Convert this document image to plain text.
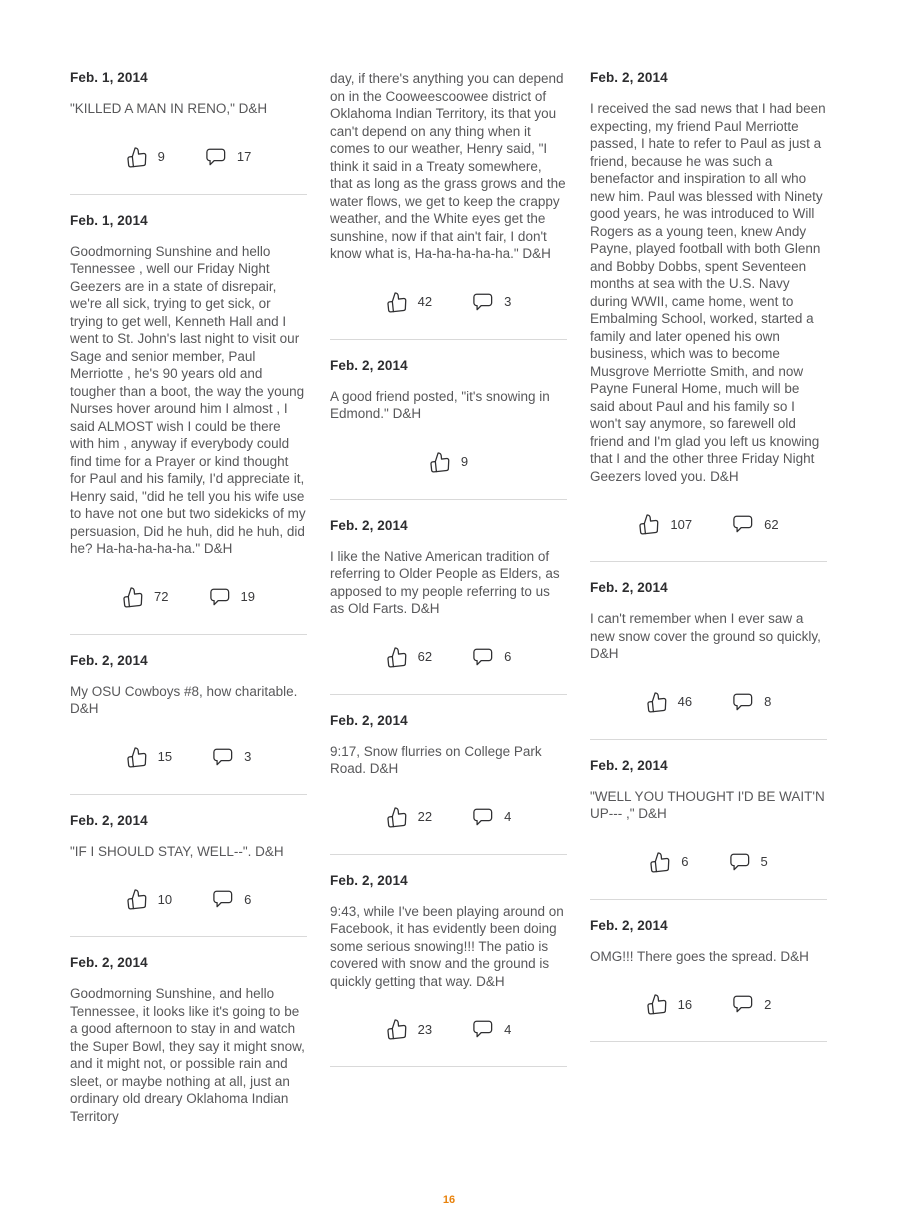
Feb. 1, 2014

"KILLED A MAN IN RENO," D&H

9	17
Feb. 1, 2014

Goodmorning Sunshine and hello Tennessee , well our Friday Night Geezers are in a state of disrepair, we're all sick, trying to get sick, or trying to get well, Kenneth Hall and I went to St. John's last night to visit our Sage and senior member, Paul Merriotte , he's 90 years old and tougher than a boot, the way the young Nurses hover around him I almost , I said ALMOST wish I could be there with him , anyway if everybody could find time for a Prayer or kind thought for Paul and his family, I'd appreciate it, Henry said, "did he tell you his wife use to have not one but two sidekicks of my persuasion, Did he huh, did he huh, did he? Ha-ha-ha-ha-ha." D&H

72	19
Feb. 2, 2014

My OSU Cowboys #8, how charitable. D&H

15	3
Feb. 2, 2014

"IF I SHOULD STAY, WELL--". D&H

10	6
Feb. 2, 2014

Goodmorning Sunshine, and hello Tennessee, it looks like it's going to be a good afternoon to stay in and watch the Super Bowl, they say it might snow, and it might not, or possible rain and sleet, or maybe nothing at all, just an ordinary old dreary Oklahoma Indian Territory

day, if there's anything you can depend on in the Cooweescoowee district of Oklahoma Indian Territory, its that you can't depend on any thing when it comes to our weather, Henry said, "I think it said in a Treaty somewhere, that as long as the grass grows and the water flows, we get to keep the crappy weather, and the White eyes get the sunshine, now if that ain't fair, I don't know what is, Ha-ha-ha-ha-ha." D&H

42	3
Feb. 2, 2014

A good friend posted, "it's snowing in Edmond." D&H

9
Feb. 2, 2014

I like the Native American tradition of referring to Older People as Elders, as apposed to my people referring to us as Old Farts. D&H

62	6
Feb. 2, 2014

9:17, Snow flurries on College Park Road. D&H

22	4
Feb. 2, 2014

9:43, while I've been playing around on Facebook, it has evidently been doing some serious snowing!!! The patio is covered with snow and the ground is quickly getting that way. D&H

23	4
Feb. 2, 2014

I received the sad news that I had been expecting, my friend Paul Merriotte passed, I hate to refer to Paul as just a friend, because he was such a benefactor and inspiration to all who new him. Paul was blessed with Ninety good years, he was introduced to Will Rogers as a young teen, knew Andy Payne, played football with both Glenn and Bobby Dobbs, spent Seventeen months at sea with the U.S. Navy during WWII, came home, went to Embalming School, worked, started a family and later opened his own business, which was to become Musgrove Merriotte Smith, and now Payne Funeral Home, much will be said about Paul and his family so I won't say anymore, so farewell old friend and I'm glad you left us knowing that I and the other three Friday Night Geezers loved you. D&H

107	62
Feb. 2, 2014

I can't remember when I ever saw a new snow cover the ground so quickly, D&H

46	8
Feb. 2, 2014

"WELL YOU THOUGHT I'D BE WAIT'N UP--- ," D&H

6	5
Feb. 2, 2014

OMG!!! There goes the spread. D&H

16	2
16
